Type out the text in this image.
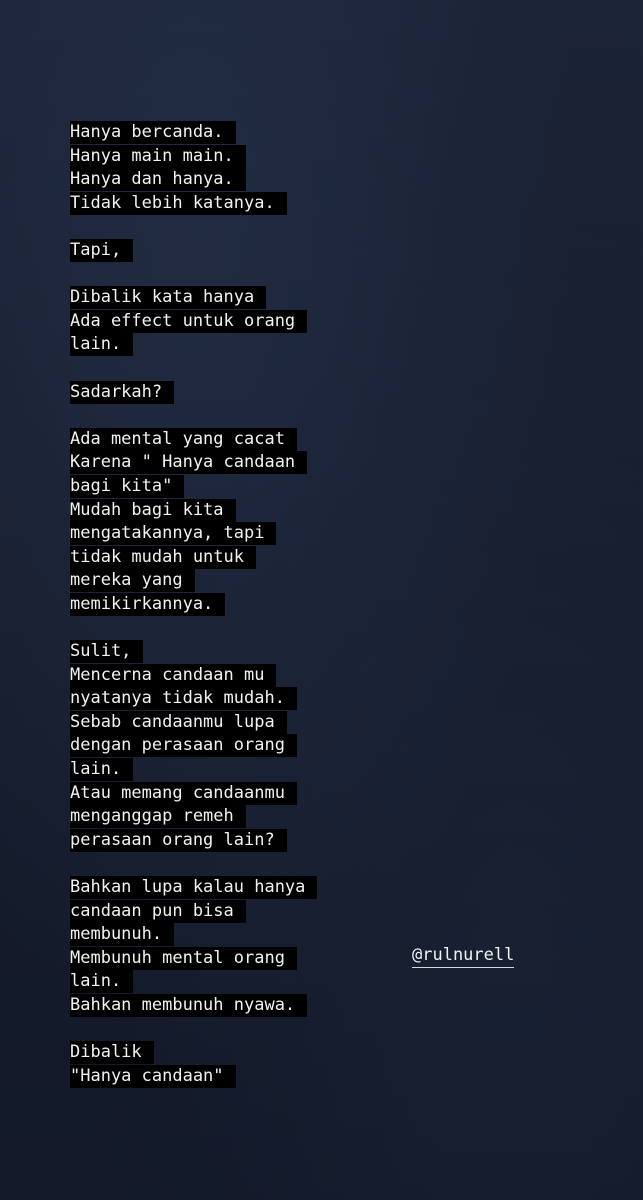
Hanya bercanda.
Hanya main main.
Hanya dan hanya.
Tidak lebih katanya.
Tapi,
Dibalik kata hanya
Ada effect untuk orang
lain.
Sadarkah?
Ada mental yang cacat
Karena " Hanya candaan
bagi kita"
Mudah bagi kita
mengatakannya, tapi
tidak mudah untuk
mereka yang
memikirkannya.
Sulit,
Mencerna candaan mu
nyatanya tidak mudah.
Sebab candaanmu lupa
dengan perasaan orang
lain.
Atau memang candaanmu
menganggap remeh
perasaan orang lain?
Bahkan lupa kalau hanya
candaan pun bisa
membunuh.
Membunuh mental orang
lain.
Bahkan membunuh nyawa.
Dibalik
"Hanya candaan"
@rulnurell
